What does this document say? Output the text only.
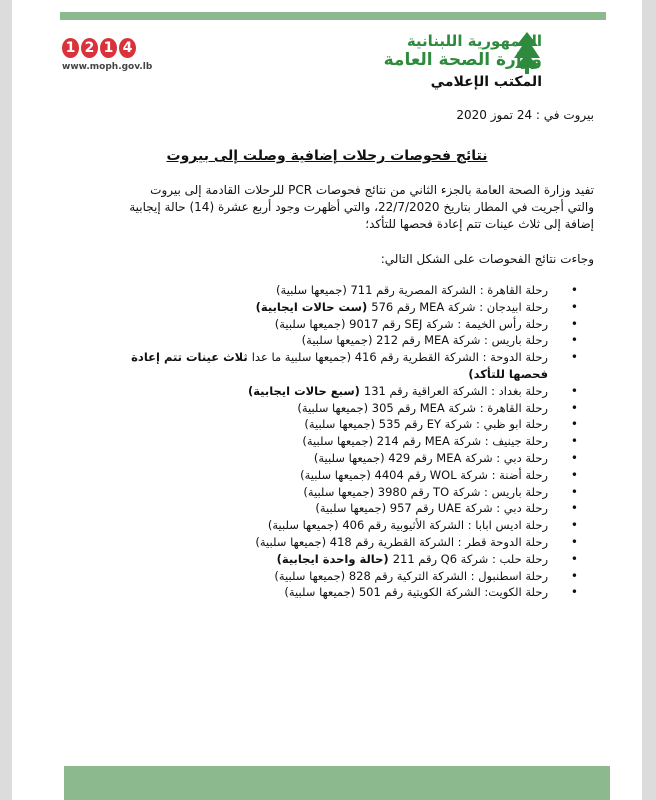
1 2 1 4
www.moph.gov.lb
الجمهورية اللبنانية
وزارة الصحة العامة
المكتب الإعلامي
بيروت في : 24 تموز 2020
نتائج فحوصات رحلات إضافية وصلت إلى بيروت
تفيد وزارة الصحة العامة بالجزء الثاني من نتائج فحوصات PCR للرحلات القادمة إلى بيروت والتي أجريت في المطار بتاريخ 22/7/2020، والتي أظهرت وجود أربع عشرة (14) حالة إيجابية إضافة إلى ثلاث عينات تتم إعادة فحصها للتأكد؛
وجاءت نتائج الفحوصات على الشكل التالي:
• رحلة القاهرة : الشركة المصرية رقم 711 (جميعها سلبية)
• رحلة ابيدجان : شركة MEA رقم 576 (ست حالات ايجابية)
• رحلة رأس الخيمة : شركة SEJ رقم 9017 (جميعها سلبية)
• رحلة باريس : شركة MEA رقم 212 (جميعها سلبية)
• رحلة الدوحة : الشركة القطرية رقم 416 (جميعها سلبية ما عدا ثلاث عينات تتم إعادة فحصها للتأكد)
• رحلة بغداد : الشركة العراقية رقم 131 (سبع حالات ايجابية)
• رحلة القاهرة : شركة MEA رقم 305 (جميعها سلبية)
• رحلة ابو ظبي : شركة EY رقم 535 (جميعها سلبية)
• رحلة جينيف : شركة MEA رقم 214 (جميعها سلبية)
• رحلة دبي : شركة MEA رقم 429 (جميعها سلبية)
• رحلة أضنة : شركة WOL رقم 4404 (جميعها سلبية)
• رحلة باريس : شركة TO رقم 3980 (جميعها سلبية)
• رحلة دبي : شركة UAE رقم 957 (جميعها سلبية)
• رحلة اديس ابابا : الشركة الأثيوبية رقم 406 (جميعها سلبية)
• رحلة الدوحة قطر : الشركة القطرية رقم 418 (جميعها سلبية)
• رحلة حلب : شركة Q6 رقم 211 (حالة واحدة ايجابية)
• رحلة اسطنبول : الشركة التركية رقم 828 (جميعها سلبية)
• رحلة الكويت: الشركة الكويتية رقم 501 (جميعها سلبية)
